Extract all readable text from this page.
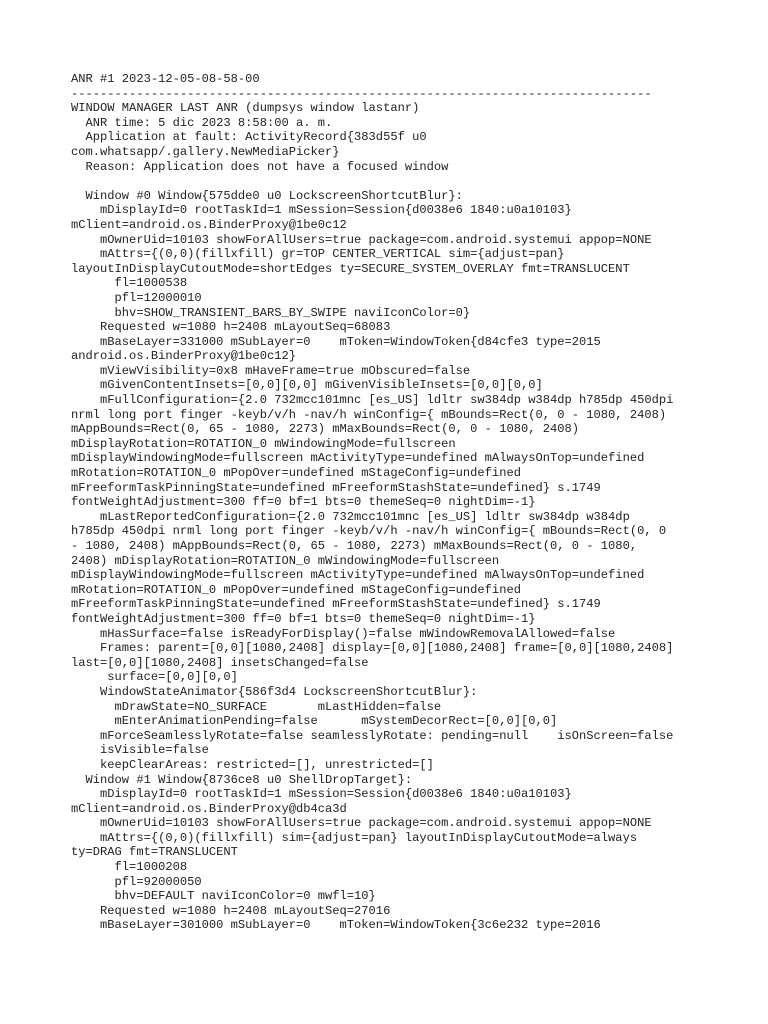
ANR #1 2023-12-05-08-58-00
--------------------------------------------------------------------------------
WINDOW MANAGER LAST ANR (dumpsys window lastanr)
ANR time: 5 dic 2023 8:58:00 a. m.
Application at fault: ActivityRecord{383d55f u0
com.whatsapp/.gallery.NewMediaPicker}
Reason: Application does not have a focused window
Window #0 Window{575dde0 u0 LockscreenShortcutBlur}:
mDisplayId=0 rootTaskId=1 mSession=Session{d0038e6 1840:u0a10103}
mClient=android.os.BinderProxy@1be0c12
mOwnerUid=10103 showForAllUsers=true package=com.android.systemui appop=NONE
mAttrs={(0,0)(fillxfill) gr=TOP CENTER_VERTICAL sim={adjust=pan}
layoutInDisplayCutoutMode=shortEdges ty=SECURE_SYSTEM_OVERLAY fmt=TRANSLUCENT
fl=1000538
pfl=12000010
bhv=SHOW_TRANSIENT_BARS_BY_SWIPE naviIconColor=0}
Requested w=1080 h=2408 mLayoutSeq=68083
mBaseLayer=331000 mSubLayer=0    mToken=WindowToken{d84cfe3 type=2015
android.os.BinderProxy@1be0c12}
mViewVisibility=0x8 mHaveFrame=true mObscured=false
mGivenContentInsets=[0,0][0,0] mGivenVisibleInsets=[0,0][0,0]
mFullConfiguration={2.0 732mcc101mnc [es_US] ldltr sw384dp w384dp h785dp 450dpi
nrml long port finger -keyb/v/h -nav/h winConfig={ mBounds=Rect(0, 0 - 1080, 2408)
mAppBounds=Rect(0, 65 - 1080, 2273) mMaxBounds=Rect(0, 0 - 1080, 2408)
mDisplayRotation=ROTATION_0 mWindowingMode=fullscreen
mDisplayWindowingMode=fullscreen mActivityType=undefined mAlwaysOnTop=undefined
mRotation=ROTATION_0 mPopOver=undefined mStageConfig=undefined
mFreeformTaskPinningState=undefined mFreeformStashState=undefined} s.1749
fontWeightAdjustment=300 ff=0 bf=1 bts=0 themeSeq=0 nightDim=-1}
mLastReportedConfiguration={2.0 732mcc101mnc [es_US] ldltr sw384dp w384dp
h785dp 450dpi nrml long port finger -keyb/v/h -nav/h winConfig={ mBounds=Rect(0, 0
- 1080, 2408) mAppBounds=Rect(0, 65 - 1080, 2273) mMaxBounds=Rect(0, 0 - 1080,
2408) mDisplayRotation=ROTATION_0 mWindowingMode=fullscreen
mDisplayWindowingMode=fullscreen mActivityType=undefined mAlwaysOnTop=undefined
mRotation=ROTATION_0 mPopOver=undefined mStageConfig=undefined
mFreeformTaskPinningState=undefined mFreeformStashState=undefined} s.1749
fontWeightAdjustment=300 ff=0 bf=1 bts=0 themeSeq=0 nightDim=-1}
mHasSurface=false isReadyForDisplay()=false mWindowRemovalAllowed=false
Frames: parent=[0,0][1080,2408] display=[0,0][1080,2408] frame=[0,0][1080,2408]
last=[0,0][1080,2408] insetsChanged=false
surface=[0,0][0,0]
WindowStateAnimator{586f3d4 LockscreenShortcutBlur}:
mDrawState=NO_SURFACE       mLastHidden=false
mEnterAnimationPending=false      mSystemDecorRect=[0,0][0,0]
mForceSeamlesslyRotate=false seamlesslyRotate: pending=null    isOnScreen=false
isVisible=false
keepClearAreas: restricted=[], unrestricted=[]
Window #1 Window{8736ce8 u0 ShellDropTarget}:
mDisplayId=0 rootTaskId=1 mSession=Session{d0038e6 1840:u0a10103}
mClient=android.os.BinderProxy@db4ca3d
mOwnerUid=10103 showForAllUsers=true package=com.android.systemui appop=NONE
mAttrs={(0,0)(fillxfill) sim={adjust=pan} layoutInDisplayCutoutMode=always
ty=DRAG fmt=TRANSLUCENT
fl=1000208
pfl=92000050
bhv=DEFAULT naviIconColor=0 mwfl=10}
Requested w=1080 h=2408 mLayoutSeq=27016
mBaseLayer=301000 mSubLayer=0    mToken=WindowToken{3c6e232 type=2016
